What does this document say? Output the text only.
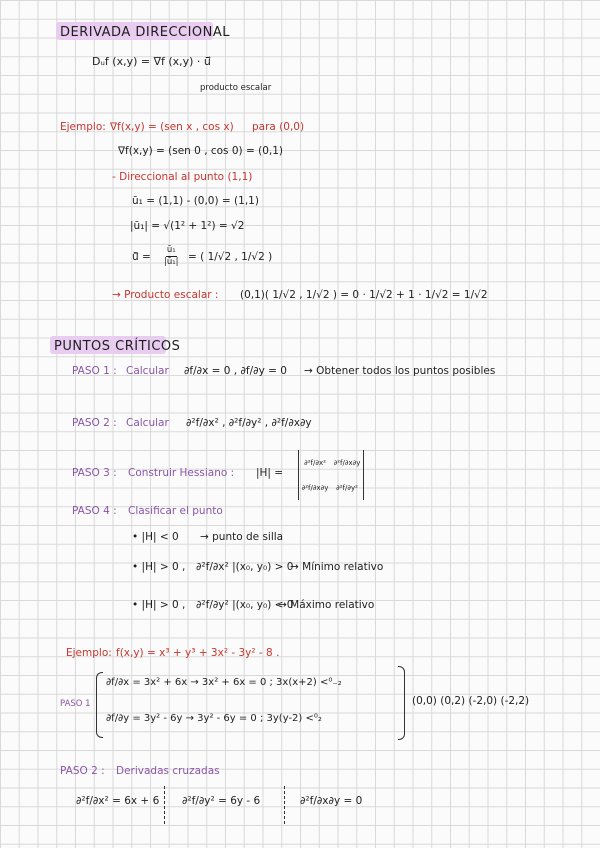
DERIVADA DIRECCIONAL
Dᵤf (x,y) = ∇f (x,y) · ū⃗
producto escalar
Ejemplo: ∇f(x,y) = (sen x , cos x) para (0,0)
∇f(x,y) = (sen 0 , cos 0) = (0,1)
- Direccional al punto (1,1)
ū₁ = (1,1) - (0,0) = (1,1)
|ū₁| = √(1² + 1²) = √2
ū⃗ = $\frac{\text{ū₁}}{\text{|ū₁|}}$ = ( 1/√2 , 1/√2 )
→ Producto escalar : (0,1)( 1/√2 , 1/√2 ) = 0 · 1/√2 + 1 · 1/√2 = 1/√2
PUNTOS CRÍTICOS
PASO 1 : Calcular ∂f/∂x = 0 , ∂f/∂y = 0 → Obtener todos los puntos posibles
PASO 2 : Calcular ∂²f/∂x² , ∂²f/∂y² , ∂²f/∂x∂y
PASO 3 : Construir Hessiano : |H| =
∂²f/∂x² ∂²f/∂x∂y
∂²f/∂x∂y ∂²f/∂y²
PASO 4 : Clasificar el punto
• |H| < 0 → punto de silla
• |H| > 0 , ∂²f/∂x² |(x₀, y₀) > 0
→ Mínimo relativo
• |H| > 0 , ∂²f/∂y² |(x₀, y₀) < 0
→ Máximo relativo
Ejemplo: f(x,y) = x³ + y³ + 3x² - 3y² - 8 .
PASO 1
∂f/∂x = 3x² + 6x → 3x² + 6x = 0 ; 3x(x+2) <⁰₋₂
∂f/∂y = 3y² - 6y → 3y² - 6y = 0 ; 3y(y-2) <⁰₂
(0,0) (0,2) (-2,0) (-2,2)
PASO 2 : Derivadas cruzadas
∂²f/∂x² = 6x + 6 ∂²f/∂y² = 6y - 6	∂²f/∂x∂y = 0
